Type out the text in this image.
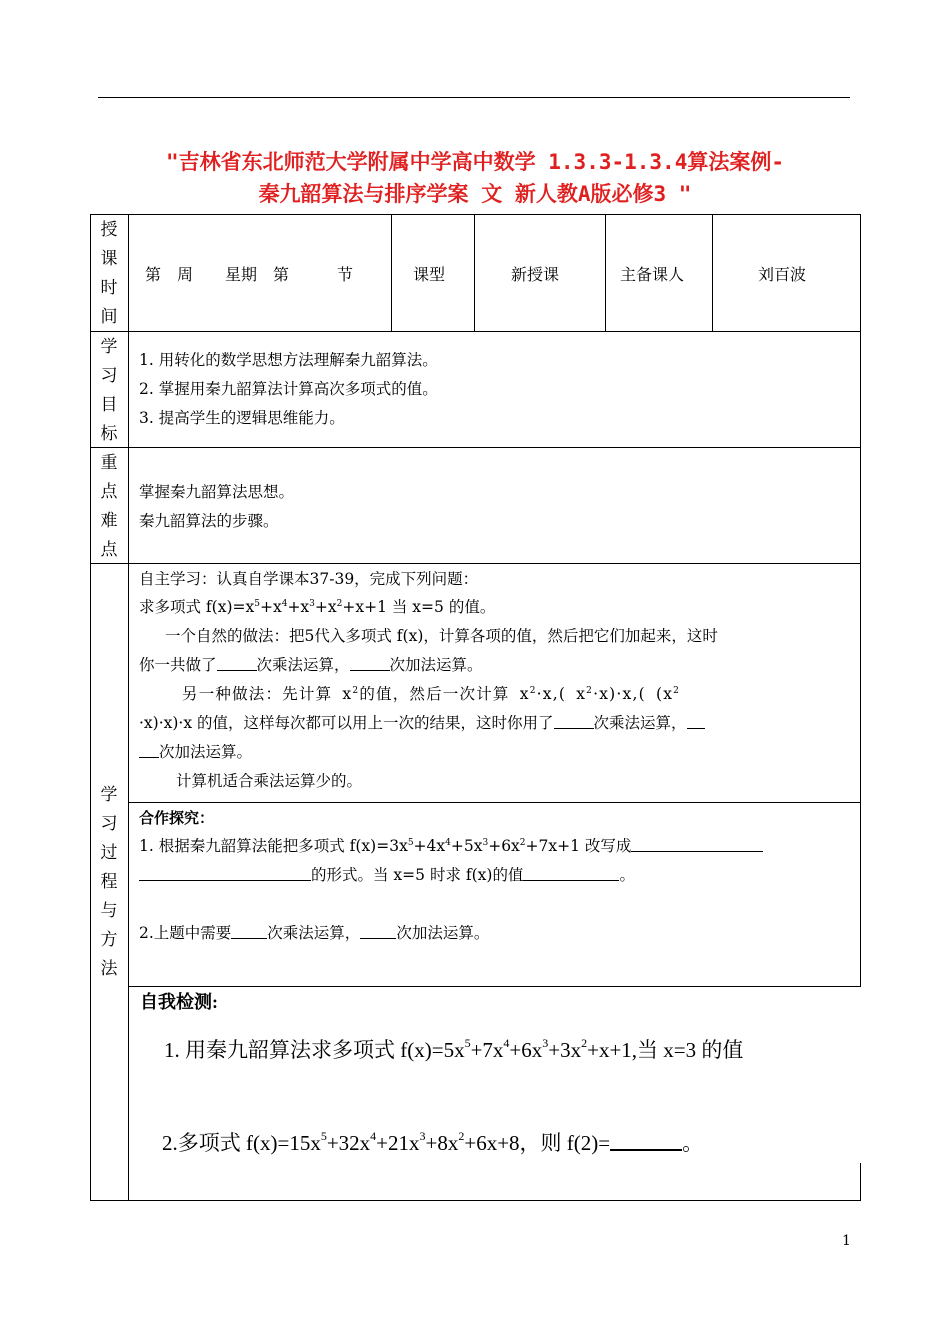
"吉林省东北师范大学附属中学高中数学 1.3.3-1.3.4算法案例-
秦九韶算法与排序学案 文 新人教A版必修3 "
授
课
时
间
第　周　　星期　第　　　节	课型	新授课	主备课人	刘百波
学
习
目
标
1. 用转化的数学思想方法理解秦九韶算法。
2. 掌握用秦九韶算法计算高次多项式的值。
3. 提高学生的逻辑思维能力。
重
点
难
点
掌握秦九韶算法思想。
秦九韶算法的步骤。
学
习
过
程
与
方
法
自主学习：认真自学课本37-39，完成下列问题：
求多项式 $f(x)=x^5+x^4+x^3+x^2+x+1$ 当 x=5 的值。
一个自然的做法：把5代入多项式 f(x)，计算各项的值，然后把它们加起来，这时
你一共做了	次乘法运算，	次加法运算。
另一种做法：先计算 $x^2$的值，然后一次计算 $x^2\cdot x$,( $x^2\cdot x)\cdot x$,( ($x^2$
·x)·x)·x 的值，这样每次都可以用上一次的结果，这时你用了	次乘法运算，
次加法运算。
计算机适合乘法运算少的。
合作探究：
1. 根据秦九韶算法能把多项式 $f(x)=3x^5+4x^4+5x^3+6x^2+7x+1$ 改写成
的形式。当 x=5 时求 f(x)的值	。
2.上题中需要 次乘法运算， 次加法运算。
自我检测:
1. 用秦九韶算法求多项式 $f(x)=5x^5+7x^4+6x^3+3x^2+x+1$,当 x=3 的值
2.多项式 $f(x)=15x^5+32x^4+21x^3+8x^2+6x+8$，则 f(2)=	。
1
